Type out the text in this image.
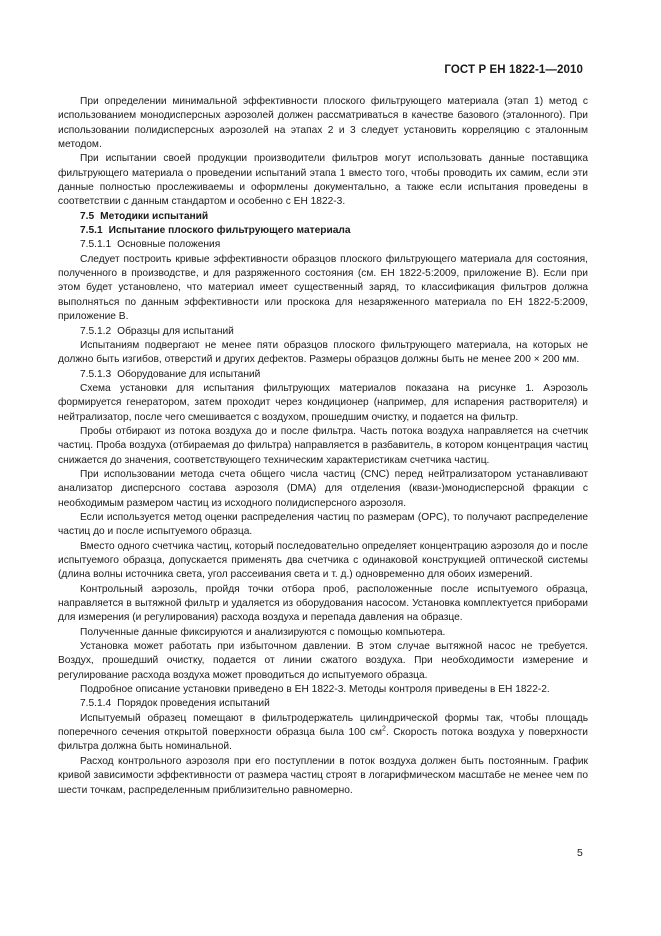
ГОСТ Р ЕН 1822-1—2010

При определении минимальной эффективности плоского фильтрующего материала (этап 1) метод с использованием монодисперсных аэрозолей должен рассматриваться в качестве базового (эталонного). При использовании полидисперсных аэрозолей на этапах 2 и 3 следует установить корреляцию с эталонным методом.

При испытании своей продукции производители фильтров могут использовать данные поставщика фильтрующего материала о проведении испытаний этапа 1 вместо того, чтобы проводить их самим, если эти данные полностью прослеживаемы и оформлены документально, а также если испытания проведены в соответствии с данным стандартом и особенно с ЕН 1822-3.

7.5 Методики испытаний
7.5.1 Испытание плоского фильтрующего материала
7.5.1.1 Основные положения

Следует построить кривые эффективности образцов плоского фильтрующего материала для состояния, полученного в производстве, и для разряженного состояния (см. ЕН 1822-5:2009, приложение В). Если при этом будет установлено, что материал имеет существенный заряд, то классификация фильтров должна выполняться по данным эффективности или проскока для незаряженного материала по ЕН 1822-5:2009, приложение В.

7.5.1.2 Образцы для испытаний

Испытаниям подвергают не менее пяти образцов плоского фильтрующего материала, на которых не должно быть изгибов, отверстий и других дефектов. Размеры образцов должны быть не менее 200 × 200 мм.

7.5.1.3 Оборудование для испытаний

Схема установки для испытания фильтрующих материалов показана на рисунке 1. Аэрозоль формируется генератором, затем проходит через кондиционер (например, для испарения растворителя) и нейтрализатор, после чего смешивается с воздухом, прошедшим очистку, и подается на фильтр.

Пробы отбирают из потока воздуха до и после фильтра. Часть потока воздуха направляется на счетчик частиц. Проба воздуха (отбираемая до фильтра) направляется в разбавитель, в котором концентрация частиц снижается до значения, соответствующего техническим характеристикам счетчика частиц.

При использовании метода счета общего числа частиц (CNC) перед нейтрализатором устанавливают анализатор дисперсного состава аэрозоля (DMA) для отделения (квази-)монодисперсной фракции с необходимым размером частиц из исходного полидисперсного аэрозоля.

Если используется метод оценки распределения частиц по размерам (OPC), то получают распределение частиц до и после испытуемого образца.

Вместо одного счетчика частиц, который последовательно определяет концентрацию аэрозоля до и после испытуемого образца, допускается применять два счетчика с одинаковой конструкцией оптической системы (длина волны источника света, угол рассеивания света и т. д.) одновременно для обоих измерений.

Контрольный аэрозоль, пройдя точки отбора проб, расположенные после испытуемого образца, направляется в вытяжной фильтр и удаляется из оборудования насосом. Установка комплектуется приборами для измерения (и регулирования) расхода воздуха и перепада давления на образце.

Полученные данные фиксируются и анализируются с помощью компьютера.

Установка может работать при избыточном давлении. В этом случае вытяжной насос не требуется. Воздух, прошедший очистку, подается от линии сжатого воздуха. При необходимости измерение и регулирование расхода воздуха может проводиться до испытуемого образца.

Подробное описание установки приведено в ЕН 1822-3. Методы контроля приведены в ЕН 1822-2.

7.5.1.4 Порядок проведения испытаний

Испытуемый образец помещают в фильтродержатель цилиндрической формы так, чтобы площадь поперечного сечения открытой поверхности образца была 100 $см^2$. Скорость потока воздуха у поверхности фильтра должна быть номинальной.

Расход контрольного аэрозоля при его поступлении в поток воздуха должен быть постоянным. График кривой зависимости эффективности от размера частиц строят в логарифмическом масштабе не менее чем по шести точкам, распределенным приблизительно равномерно.

5
